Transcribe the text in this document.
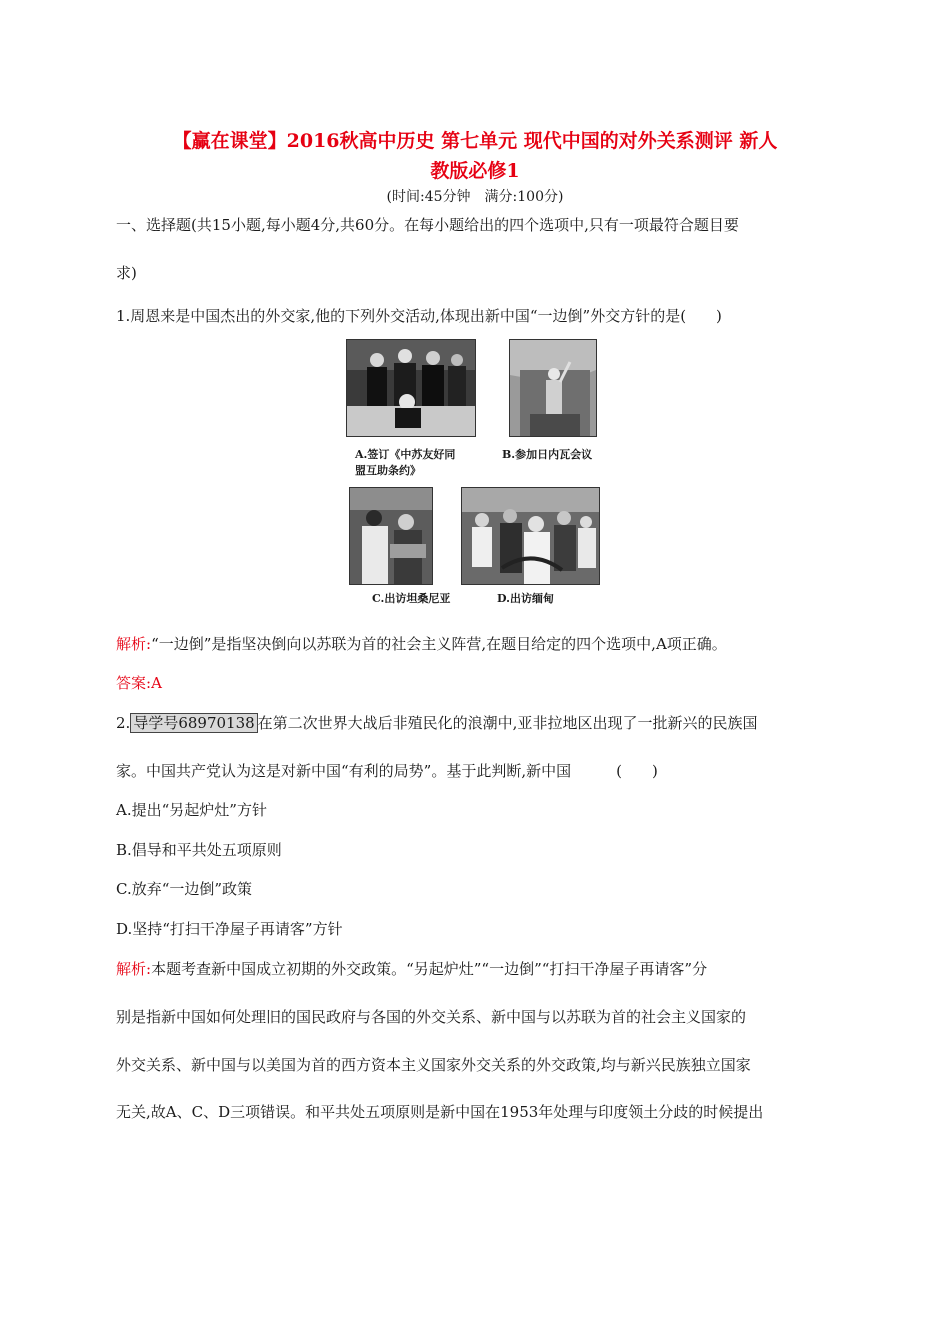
【赢在课堂】2016秋高中历史 第七单元 现代中国的对外关系测评 新人
教版必修1
(时间:45分钟　满分:100分)
一、选择题(共15小题,每小题4分,共60分。在每小题给出的四个选项中,只有一项最符合题目要
求)
1.周恩来是中国杰出的外交家,他的下列外交活动,体现出新中国“一边倒”外交方针的是(　　)
A.签订《中苏友好同
盟互助条约》
B.参加日内瓦会议
C.出访坦桑尼亚	D.出访缅甸
解析:“一边倒”是指坚决倒向以苏联为首的社会主义阵营,在题目给定的四个选项中,A项正确。
答案:A
2. 导学号68970138 在第二次世界大战后非殖民化的浪潮中,亚非拉地区出现了一批新兴的民族国
家。中国共产党认为这是对新中国“有利的局势”。基于此判断,新中国　　　(　　)
A.提出“另起炉灶”方针
B.倡导和平共处五项原则
C.放弃“一边倒”政策
D.坚持“打扫干净屋子再请客”方针
解析:本题考查新中国成立初期的外交政策。“另起炉灶”“一边倒”“打扫干净屋子再请客”分
别是指新中国如何处理旧的国民政府与各国的外交关系、新中国与以苏联为首的社会主义国家的
外交关系、新中国与以美国为首的西方资本主义国家外交关系的外交政策,均与新兴民族独立国家
无关,故A、C、D三项错误。和平共处五项原则是新中国在1953年处理与印度领土分歧的时候提出
